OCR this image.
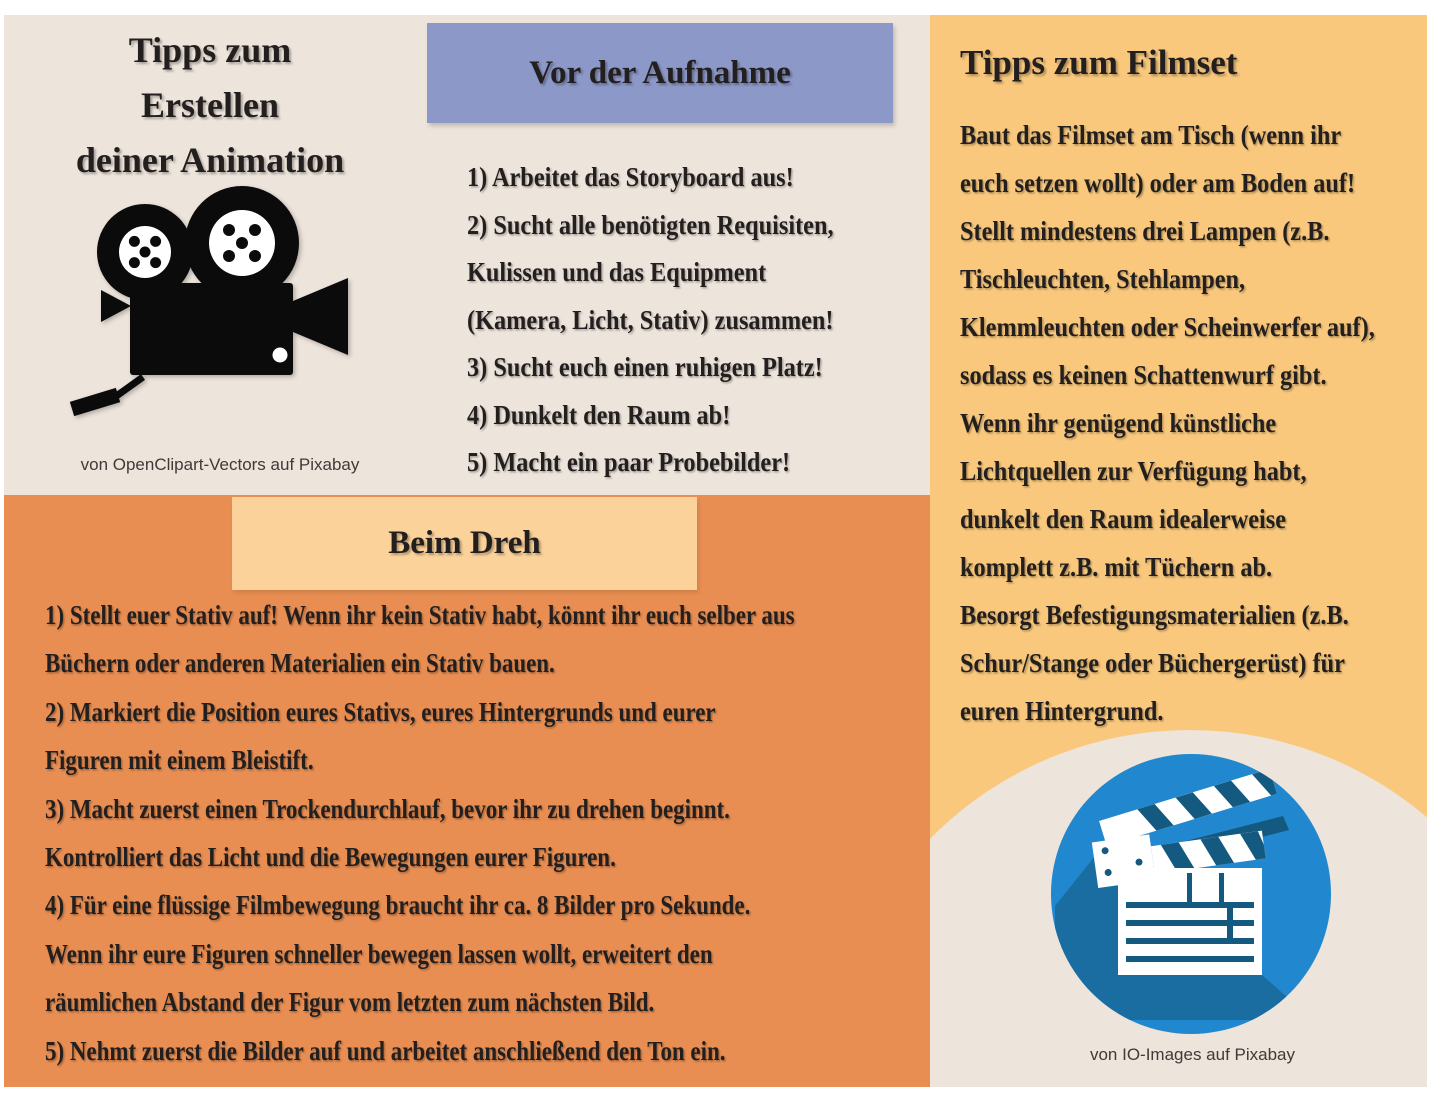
Tipps zum
Erstellen
deiner Animation
von OpenClipart-Vectors auf Pixabay
Vor der Aufnahme
1) Arbeitet das Storyboard aus!
2) Sucht alle benötigten Requisiten,
Kulissen und das Equipment
(Kamera, Licht, Stativ) zusammen!
3) Sucht euch einen ruhigen Platz!
4) Dunkelt den Raum ab!
5) Macht ein paar Probebilder!
Beim Dreh
1) Stellt euer Stativ auf! Wenn ihr kein Stativ habt, könnt ihr euch selber aus
Büchern oder anderen Materialien ein Stativ bauen.
2) Markiert die Position eures Stativs, eures Hintergrunds und eurer
Figuren mit einem Bleistift.
3) Macht zuerst einen Trockendurchlauf, bevor ihr zu drehen beginnt.
Kontrolliert das Licht und die Bewegungen eurer Figuren.
4) Für eine flüssige Filmbewegung braucht ihr ca. 8 Bilder pro Sekunde.
Wenn ihr eure Figuren schneller bewegen lassen wollt, erweitert den
räumlichen Abstand der Figur vom letzten zum nächsten Bild.
5) Nehmt zuerst die Bilder auf und arbeitet anschließend den Ton ein.
Tipps zum Filmset
Baut das Filmset am Tisch (wenn ihr
euch setzen wollt) oder am Boden auf!
Stellt mindestens drei Lampen (z.B.
Tischleuchten, Stehlampen,
Klemmleuchten oder Scheinwerfer auf),
sodass es keinen Schattenwurf gibt.
Wenn ihr genügend künstliche
Lichtquellen zur Verfügung habt,
dunkelt den Raum idealerweise
komplett z.B. mit Tüchern ab.
Besorgt Befestigungsmaterialien (z.B.
Schur/Stange oder Büchergerüst) für
euren Hintergrund.
von IO-Images auf Pixabay
